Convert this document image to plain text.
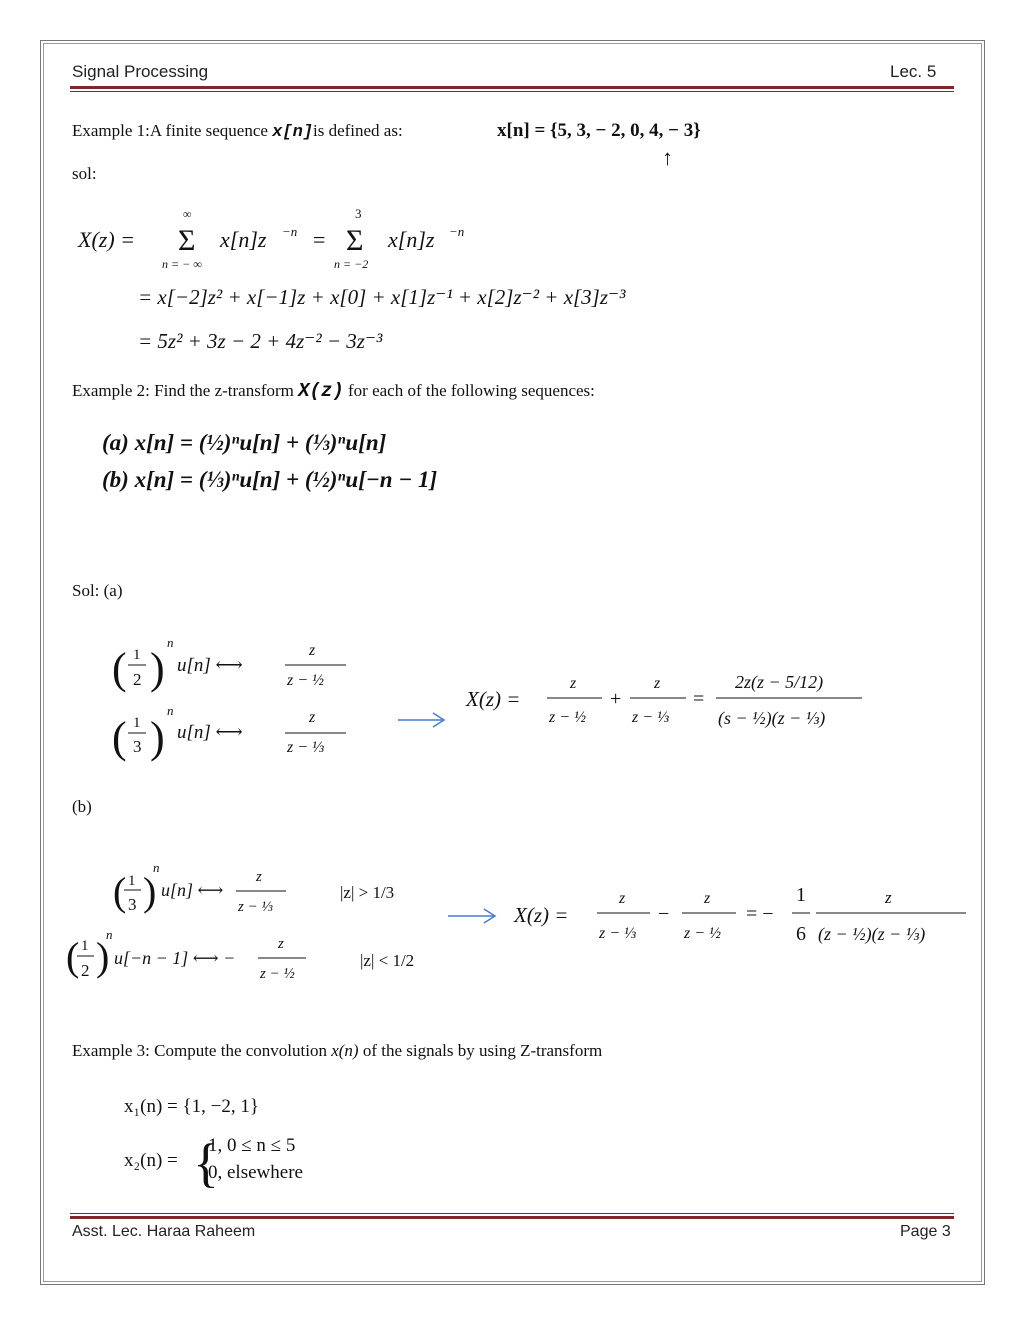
Signal Processing	Lec. 5
Example 1:A finite sequence x[n]is defined as:	x[n] = {5, 3, − 2, 0, 4, − 3}
↑
X(z) =
∞
Σ
n = − ∞
x[n]z −n =
3
Σ
n = −2
x[n]z −n
= x[−2]z² + x[−1]z + x[0] + x[1]z⁻¹ + x[2]z⁻² + x[3]z⁻³
= 5z² + 3z − 2 + 4z⁻² − 3z⁻³
(a) x[n] = (½)ⁿu[n] + (⅓)ⁿu[n]
(b) x[n] = (⅓)ⁿu[n] + (½)ⁿu[−n − 1]
( 1
2 )
n
u[n] ⟷
z
z − ½
( 1
3 )
n
u[n] ⟷
z
z − ⅓
X(z) =
z
z − ½
+
z
z − ⅓
=
2z(z − 5/12)
(s − ½)(z − ⅓)
( 1
3 )
n
u[n] ⟷
z
z − ⅓
|z| > 1/3
( 1
2 )
n
u[−n − 1] ⟷ −
z
z − ½
|z| < 1/2
X(z) =
z
z − ⅓
−
z
z − ½
= −
1
6
z
(z − ½)(z − ⅓)
x₁(n) = {1, −2, 1}
x₂(n) = {
1, 0 ≤ n ≤ 5
0, elsewhere
sol:
Example 2: Find the z-transform X(z) for each of the following sequences:
Sol: (a)
(b)
Example 3: Compute the convolution x(n) of the signals by using Z-transform
Asst. Lec. Haraa Raheem	Page 3
